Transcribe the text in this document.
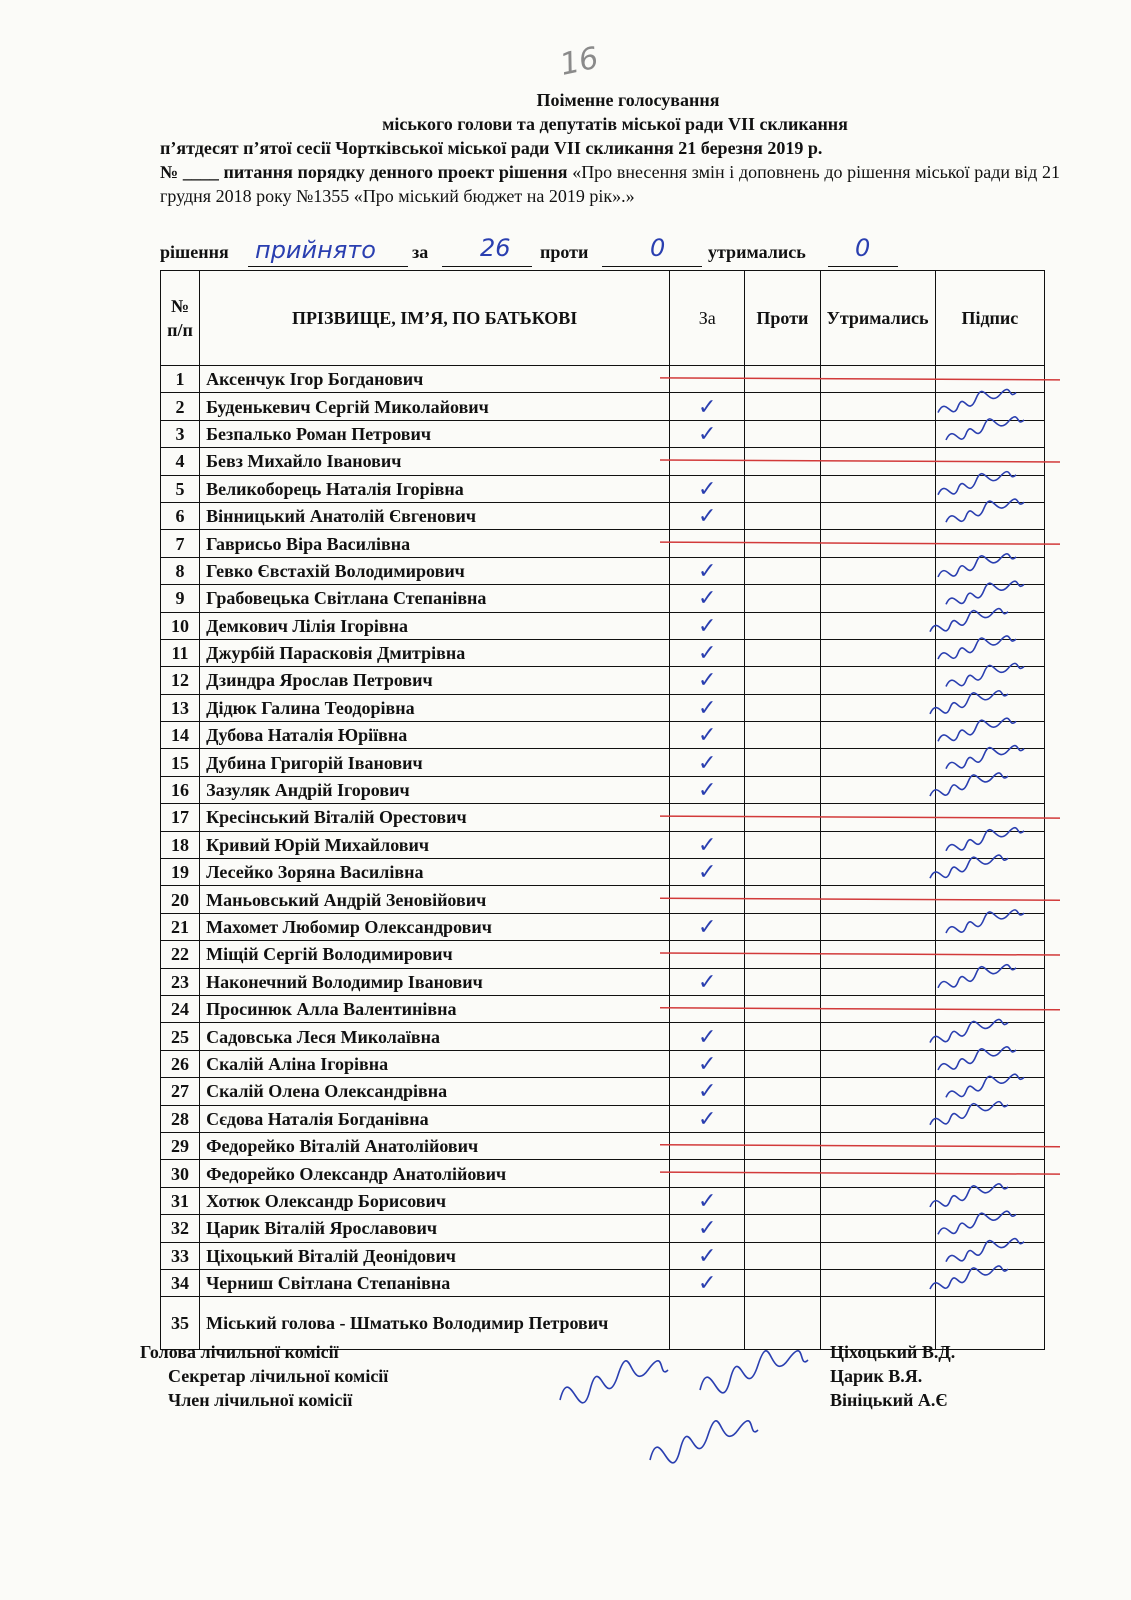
16
Поіменне голосування
міського голови та депутатів міської ради VII скликання
п’ятдесят п’ятої сесії Чортківської міської ради VII скликання 21 березня 2019 р.
№ ____ питання порядку денного проект рішення «Про внесення змін і доповнень до рішення міської ради від 21 грудня 2018 року №1355 «Про міський бюджет на 2019 рік».»
рішення прийнято за 26 проти	0 утримались 0
№ п/п	ПРІЗВИЩЕ, ІМ’Я, ПО БАТЬКОВІ	За	Проти	Утримались	Підпис
1	Аксенчук Ігор Богданович				
2	Буденькевич Сергій Миколайович	✓			
3	Безпалько Роман Петрович	✓			
4	Бевз Михайло Іванович				
5	Великоборець Наталія Ігорівна	✓			
6	Вінницький Анатолій Євгенович	✓			
7	Гаврисьо Віра Василівна				
8	Гевко Євстахій Володимирович	✓			
9	Грабовецька Світлана Степанівна	✓			
10	Демкович Лілія Ігорівна	✓			
11	Джурбій Парасковія Дмитрівна	✓			
12	Дзиндра Ярослав Петрович	✓			
13	Дідюк Галина Теодорівна	✓			
14	Дубова Наталія Юріївна	✓			
15	Дубина Григорій Іванович	✓			
16	Зазуляк Андрій Ігорович	✓			
17	Кресінський Віталій Орестович				
18	Кривий Юрій Михайлович	✓			
19	Лесейко Зоряна Василівна	✓			
20	Маньовський Андрій Зеновійович				
21	Махомет Любомир Олександрович	✓			
22	Міщій Сергій Володимирович				
23	Наконечний Володимир Іванович	✓			
24	Просинюк Алла Валентинівна				
25	Садовська Леся Миколаївна	✓			
26	Скалій Аліна Ігорівна	✓			
27	Скалій Олена Олександрівна	✓			
28	Сєдова Наталія Богданівна	✓			
29	Федорейко Віталій Анатолійович				
30	Федорейко Олександр Анатолійович				
31	Хотюк Олександр Борисович	✓			
32	Царик Віталій Ярославович	✓			
33	Ціхоцький Віталій Деонідович	✓			
34	Черниш Світлана Степанівна	✓			
35	Міський голова - Шматько Володимир Петрович				
Голова лічильної комісії	Ціхоцький В.Д.
Секретар лічильної комісії	Царик В.Я.
Член лічильної комісії	Вініцький А.Є
